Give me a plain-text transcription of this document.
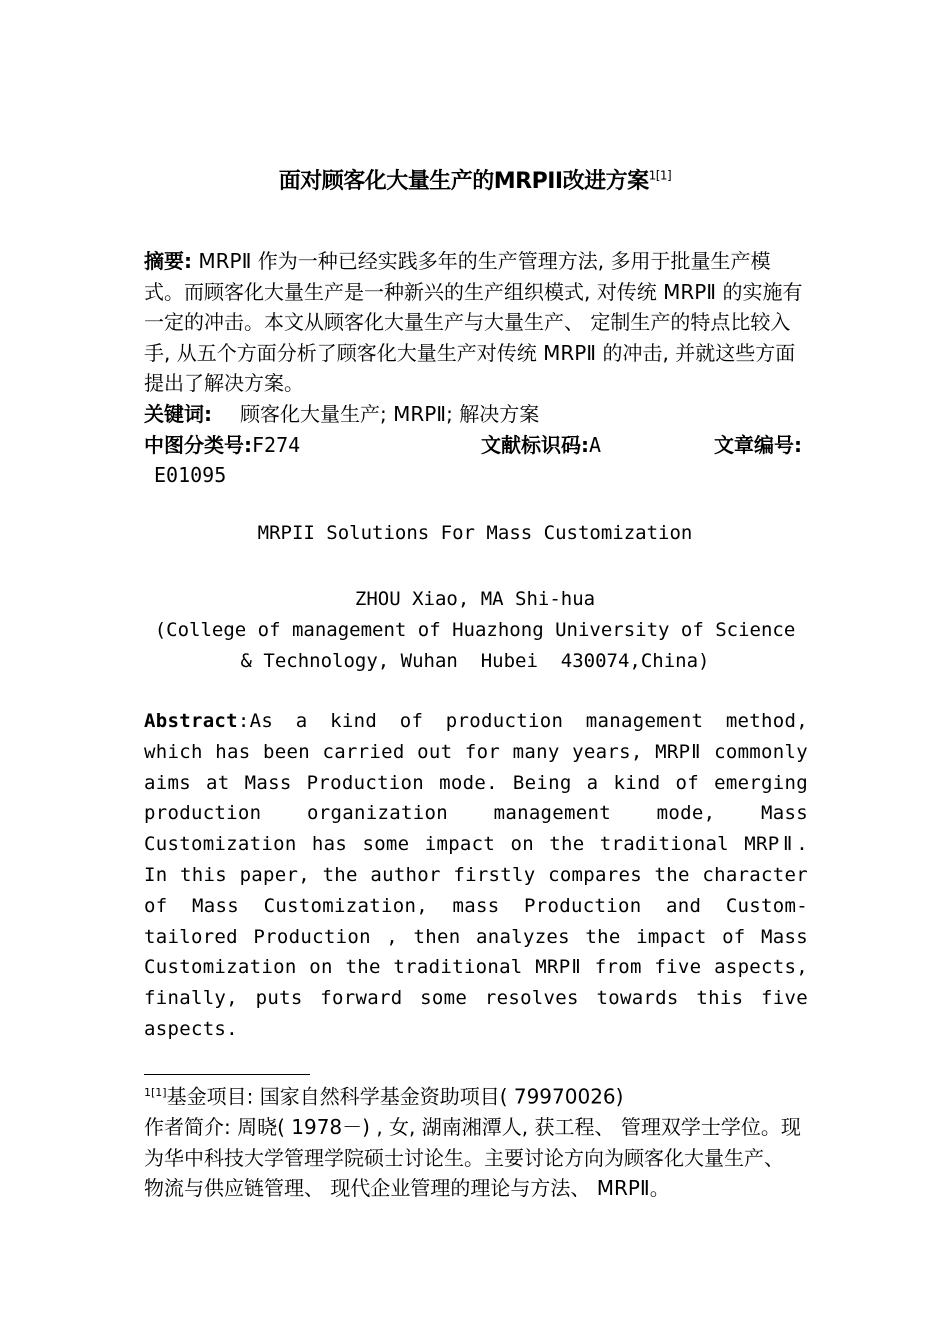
面对顾客化大量生产的MRPII改进方案$^{1[1]}$
摘要: MRPⅡ 作为一种已经实践多年的生产管理方法, 多用于批量生产模式。而顾客化大量生产是一种新兴的生产组织模式, 对传统 MRPⅡ 的实施有一定的冲击。本文从顾客化大量生产与大量生产、 定制生产的特点比较入手, 从五个方面分析了顾客化大量生产对传统 MRPⅡ 的冲击, 并就这些方面提出了解决方案。
关键词: 顾客化大量生产; MRPⅡ; 解决方案
中图分类号:F274	文献标识码:A	文章编号:
E01095
MRPII Solutions For Mass Customization
ZHOU Xiao, MA Shi-hua
(College of management of Huazhong University of Science
& Technology, Wuhan  Hubei  430074,China)
Abstract:As a kind of production management method, which has been carried out for many years, MRPⅡ commonly aims at Mass Production mode. Being a kind of emerging production organization management mode, Mass Customization has some impact on the traditional MRPⅡ. In this paper, the author firstly compares the character of Mass Customization, mass Production and Custom-tailored Production , then analyzes the impact of Mass Customization on the traditional MRPⅡ from five aspects, finally, puts forward some resolves towards this five aspects.
$^{1[1]}$基金项目: 国家自然科学基金资助项目( 79970026)
作者简介: 周晓( 1978－) , 女, 湖南湘潭人, 获工程、 管理双学士学位。现为华中科技大学管理学院硕士讨论生。主要讨论方向为顾客化大量生产、 物流与供应链管理、 现代企业管理的理论与方法、 MRPⅡ。
